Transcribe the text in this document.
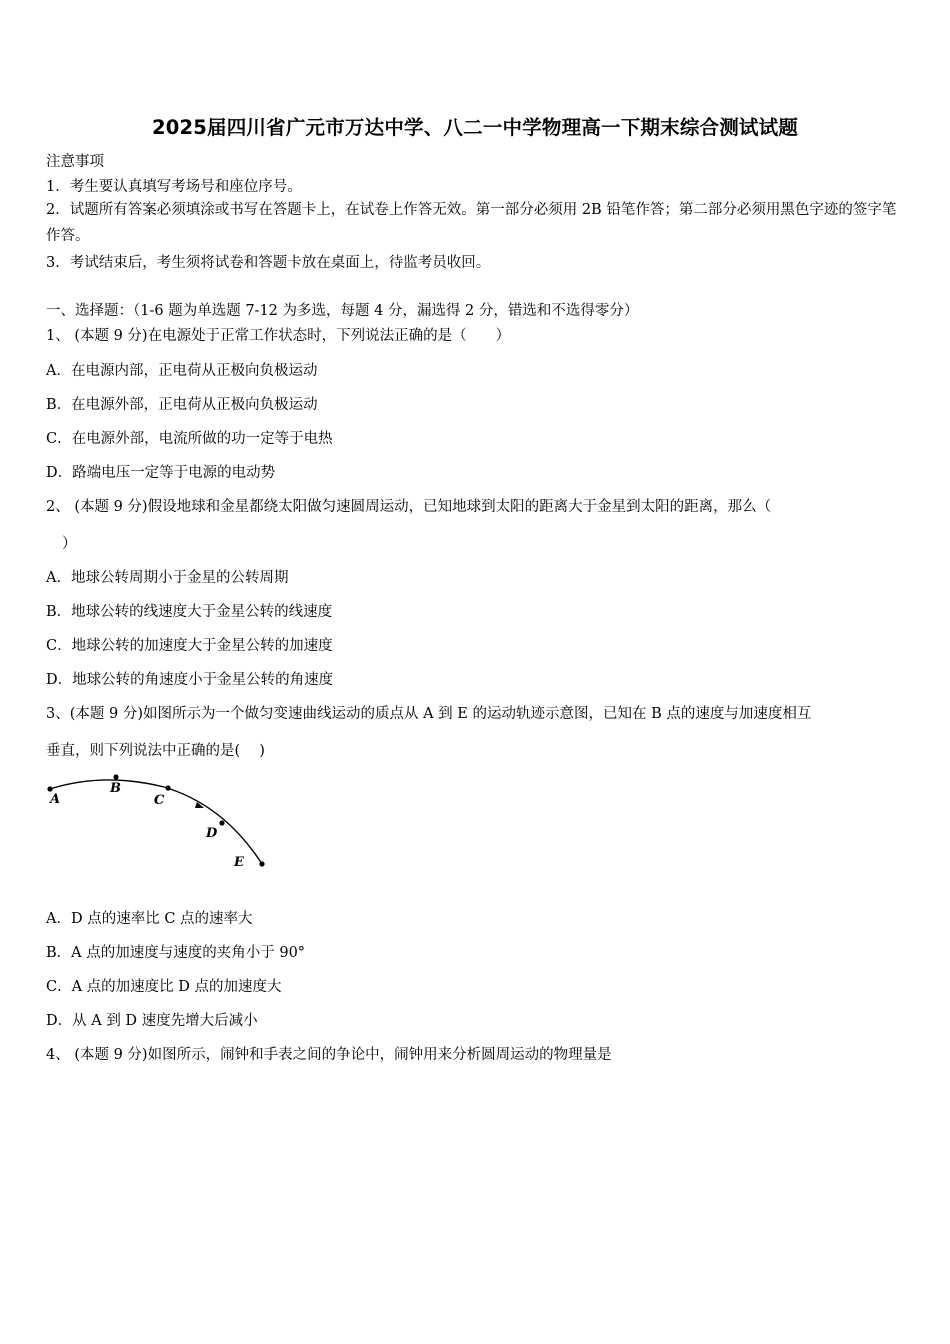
2025届四川省广元市万达中学、八二一中学物理高一下期末综合测试试题
注意事项
1．考生要认真填写考场号和座位序号。
2．试题所有答案必须填涂或书写在答题卡上，在试卷上作答无效。第一部分必须用 2B 铅笔作答；第二部分必须用黑色字迹的签字笔作答。
3．考试结束后，考生须将试卷和答题卡放在桌面上，待监考员收回。
一、选择题：（1-6 题为单选题 7-12 为多选，每题 4 分，漏选得 2 分，错选和不选得零分）
1、 (本题 9 分)在电源处于正常工作状态时，下列说法正确的是（　　）
A．在电源内部，正电荷从正极向负极运动
B．在电源外部，正电荷从正极向负极运动
C．在电源外部，电流所做的功一定等于电热
D．路端电压一定等于电源的电动势
2、 (本题 9 分)假设地球和金星都绕太阳做匀速圆周运动，已知地球到太阳的距离大于金星到太阳的距离，那么（
）
A．地球公转周期小于金星的公转周期
B．地球公转的线速度大于金星公转的线速度
C．地球公转的加速度大于金星公转的加速度
D．地球公转的角速度小于金星公转的角速度
3、(本题 9 分)如图所示为一个做匀变速曲线运动的质点从 A 到 E 的运动轨迹示意图，已知在 B 点的速度与加速度相互
垂直，则下列说法中正确的是(　 )
A
B
C
D
E
A．D 点的速率比 C 点的速率大
B．A 点的加速度与速度的夹角小于 90°
C．A 点的加速度比 D 点的加速度大
D．从 A 到 D 速度先增大后减小
4、 (本题 9 分)如图所示，闹钟和手表之间的争论中，闹钟用来分析圆周运动的物理量是
